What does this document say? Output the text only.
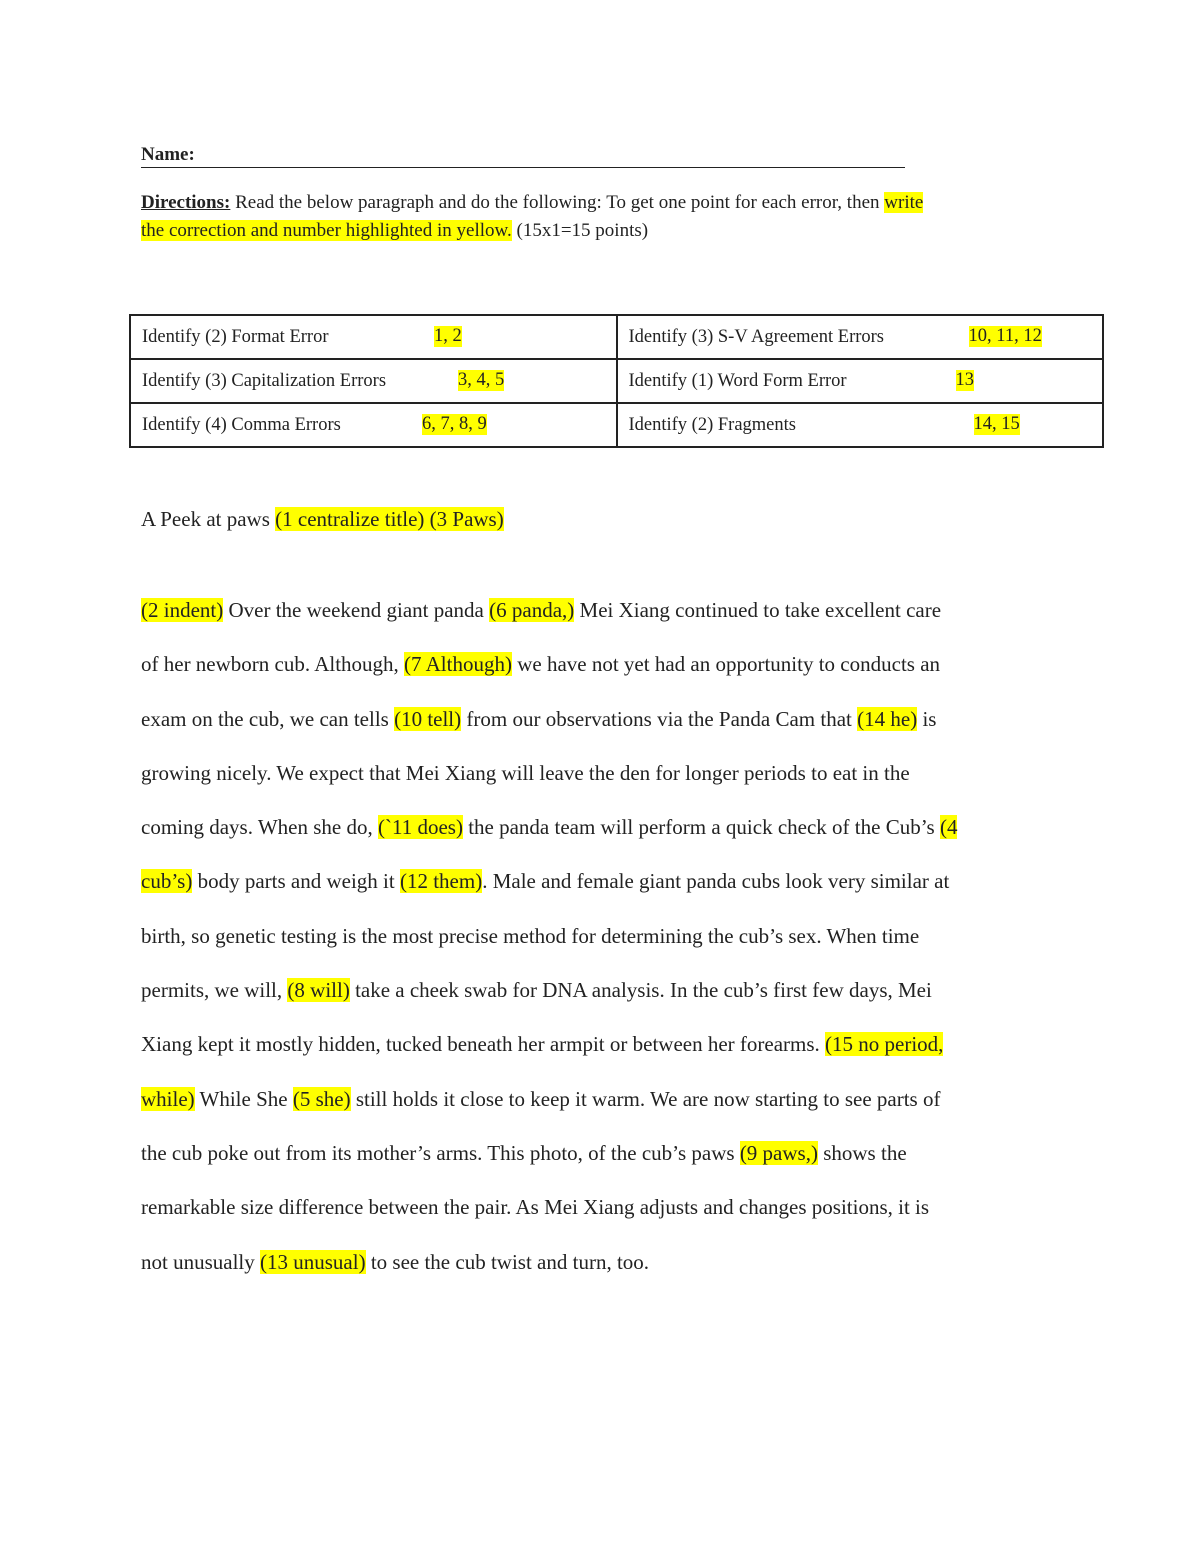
Name:
Directions: Read the below paragraph and do the following: To get one point for each error, then write
the correction and number highlighted in yellow. (15x1=15 points)
Identify (2) Format Error 1, 2	Identify (3) S-V Agreement Errors 10, 11, 12

Identify (3) Capitalization Errors 3, 4, 5	Identify (1) Word Form Error 13

Identify (4) Comma Errors 6, 7, 8, 9	Identify (2) Fragments 14, 15
A Peek at paws (1 centralize title) (3 Paws)
(2 indent) Over the weekend giant panda (6 panda,) Mei Xiang continued to take excellent care
of her newborn cub. Although, (7 Although) we have not yet had an opportunity to conducts an
exam on the cub, we can tells (10 tell) from our observations via the Panda Cam that (14 he) is
growing nicely. We expect that Mei Xiang will leave the den for longer periods to eat in the
coming days. When she do, (`11 does) the panda team will perform a quick check of the Cub’s (4
cub’s) body parts and weigh it (12 them). Male and female giant panda cubs look very similar at
birth, so genetic testing is the most precise method for determining the cub’s sex. When time
permits, we will, (8 will) take a cheek swab for DNA analysis. In the cub’s first few days, Mei
Xiang kept it mostly hidden, tucked beneath her armpit or between her forearms. (15 no period,
while) While She (5 she) still holds it close to keep it warm. We are now starting to see parts of
the cub poke out from its mother’s arms. This photo, of the cub’s paws (9 paws,) shows the
remarkable size difference between the pair. As Mei Xiang adjusts and changes positions, it is
not unusually (13 unusual) to see the cub twist and turn, too.
